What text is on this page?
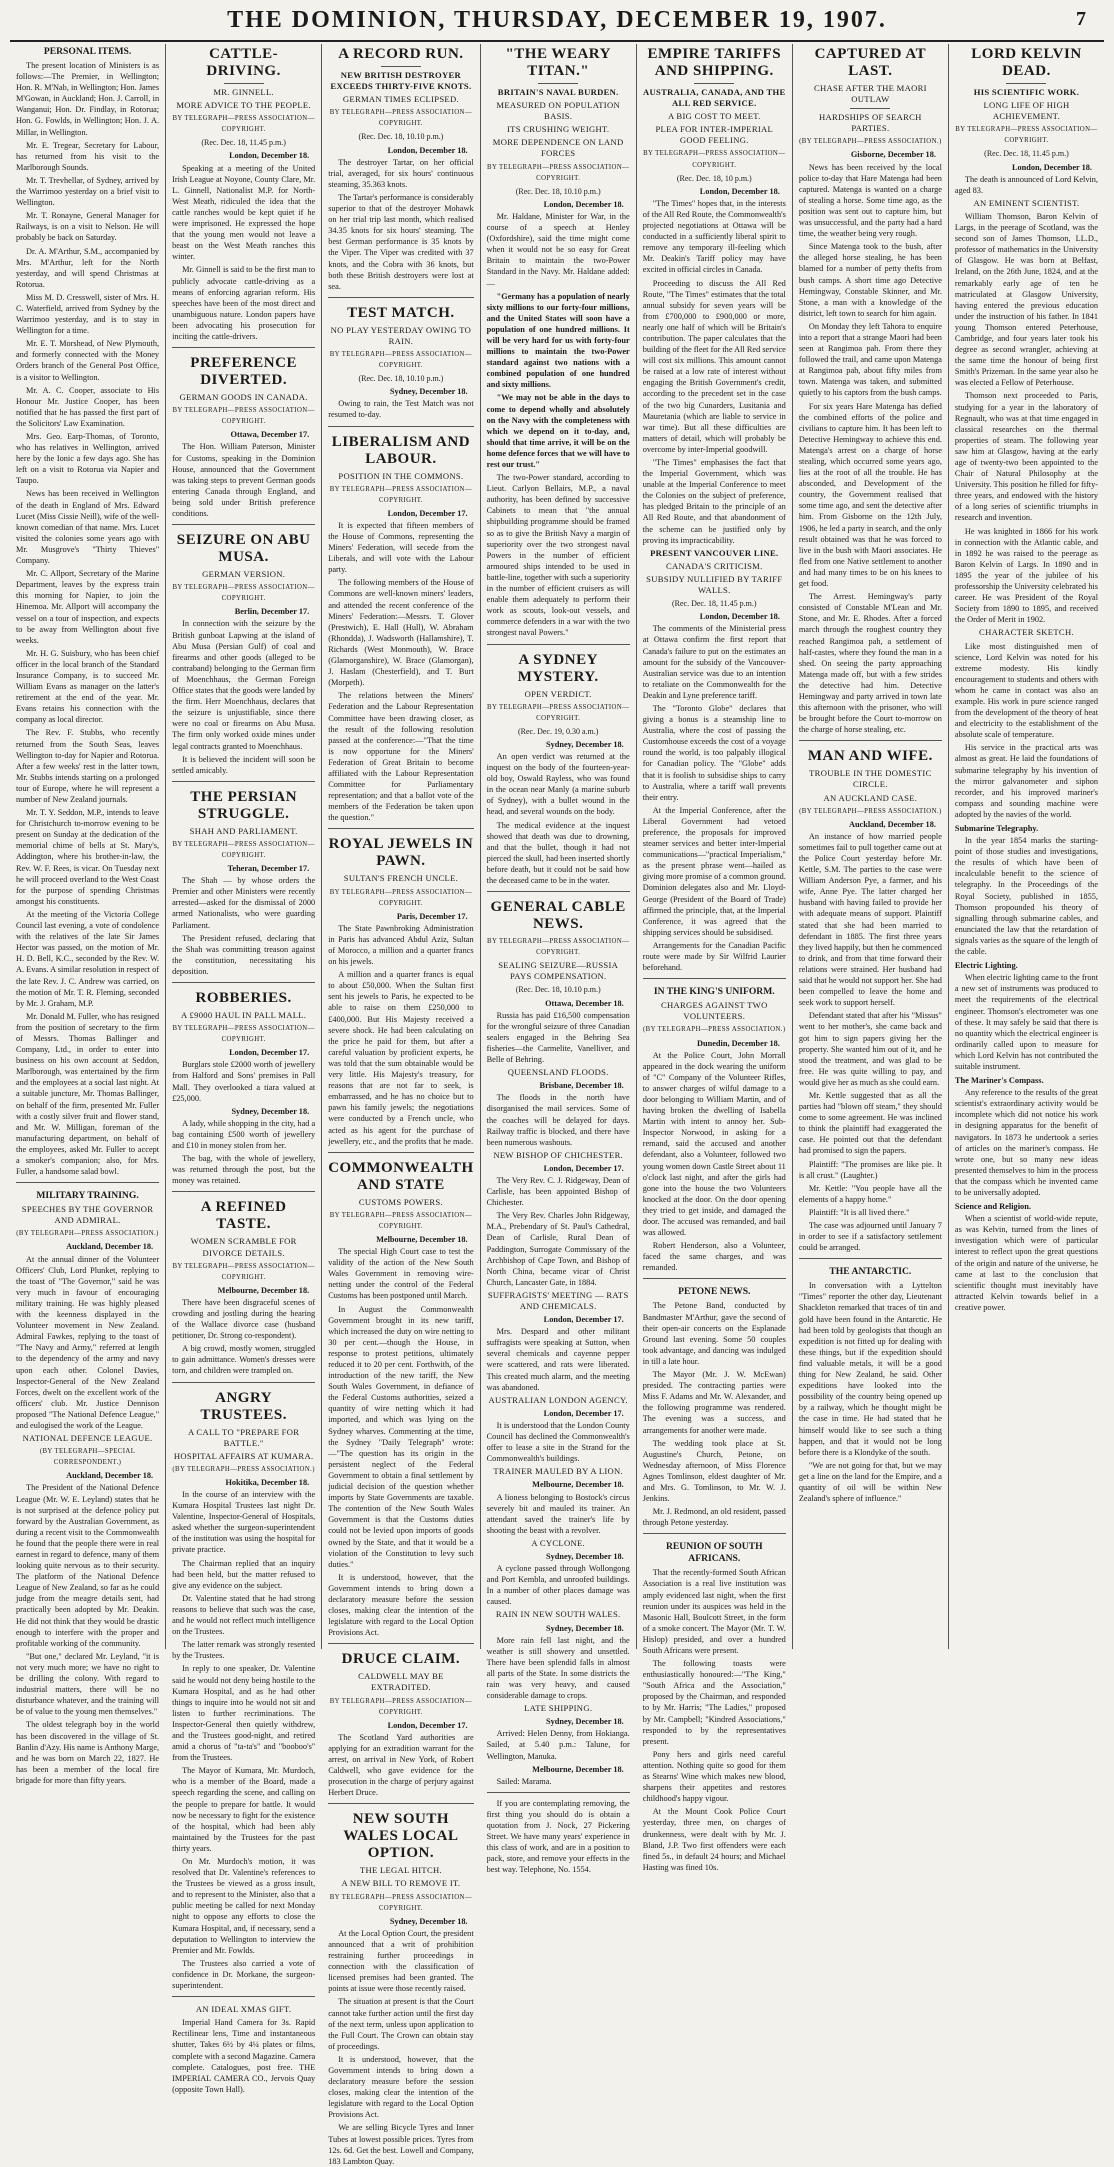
THE DOMINION, THURSDAY, DECEMBER 19, 1907.	7
PERSONAL ITEMS.

The present location of Ministers is as follows:—The Premier, in Wellington; Hon. R. M'Nab, in Wellington; Hon. James M'Gowan, in Auckland; Hon. J. Carroll, in Wanganui; Hon. Dr. Findlay, in Rotorua; Hon. G. Fowlds, in Wellington; Hon. J. A. Millar, in Wellington.

Mr. E. Tregear, Secretary for Labour, has returned from his visit to the Marlborough Sounds.

Mr. T. Trevhellar, of Sydney, arrived by the Warrimoo yesterday on a brief visit to Wellington.

Mr. T. Ronayne, General Manager for Railways, is on a visit to Nelson. He will probably be back on Saturday.

Dr. A. M'Arthur, S.M., accompanied by Mrs. M'Arthur, left for the North yesterday, and will spend Christmas at Rotorua.

Miss M. D. Cresswell, sister of Mrs. H. C. Waterfield, arrived from Sydney by the Warrimoo yesterday, and is to stay in Wellington for a time.

Mr. E. T. Morshead, of New Plymouth, and formerly connected with the Money Orders branch of the General Post Office, is a visitor to Wellington.

Mr. A. C. Cooper, associate to His Honour Mr. Justice Cooper, has been notified that he has passed the first part of the Solicitors' Law Examination.

Mrs. Geo. Earp-Thomas, of Toronto, who has relatives in Wellington, arrived here by the Ionic a few days ago. She has left on a visit to Rotorua via Napier and Taupo.

News has been received in Wellington of the death in England of Mrs. Edward Lucet (Miss Cissie Neill), wife of the well-known comedian of that name. Mrs. Lucet visited the colonies some years ago with Mr. Musgrove's "Thirty Thieves" Company.

Mr. C. Allport, Secretary of the Marine Department, leaves by the express train this morning for Napier, to join the Hinemoa. Mr. Allport will accompany the vessel on a tour of inspection, and expects to be away from Wellington about five weeks.

Mr. H. G. Suisbury, who has been chief officer in the local branch of the Standard Insurance Company, is to succeed Mr. William Evans as manager on the latter's retirement at the end of the year. Mr. Evans retains his connection with the company as local director.

The Rev. F. Stubbs, who recently returned from the South Seas, leaves Wellington to-day for Napier and Rotorua. After a few weeks' rest in the latter town, Mr. Stubbs intends starting on a prolonged tour of Europe, where he will represent a number of New Zealand journals.

Mr. T. Y. Seddon, M.P., intends to leave for Christchurch to-morrow evening to be present on Sunday at the dedication of the memorial chime of bells at St. Mary's, Addington, where his brother-in-law, the Rev. W. F. Rees, is vicar. On Tuesday next he will proceed overland to the West Coast for the purpose of spending Christmas amongst his constituents.

At the meeting of the Victoria College Council last evening, a vote of condolence with the relatives of the late Sir James Hector was passed, on the motion of Mr. H. D. Bell, K.C., seconded by the Rev. W. A. Evans. A similar resolution in respect of the late Rev. J. C. Andrew was carried, on the motion of Mr. T. R. Fleming, seconded by Mr. J. Graham, M.P.

Mr. Donald M. Fuller, who has resigned from the position of secretary to the firm of Messrs. Thomas Ballinger and Company, Ltd., in order to enter into business on his own account at Seddon, Marlborough, was entertained by the firm and the employees at a social last night. At a suitable juncture, Mr. Thomas Ballinger, on behalf of the firm, presented Mr. Fuller with a costly silver fruit and flower stand, and Mr. W. Milligan, foreman of the manufacturing department, on behalf of the employees, asked Mr. Fuller to accept a smoker's companion; also, for Mrs. Fuller, a handsome salad bowl.

MILITARY TRAINING.
SPEECHES BY THE GOVERNOR AND ADMIRAL.
(BY TELEGRAPH—PRESS ASSOCIATION.)
Auckland, December 18.

At the annual dinner of the Volunteer Officers' Club, Lord Plunket, replying to the toast of "The Governor," said he was very much in favour of encouraging military training. He was highly pleased with the keenness displayed in the Volunteer movement in New Zealand. Admiral Fawkes, replying to the toast of "The Navy and Army," referred at length to the dependency of the army and navy upon each other. Colonel Davies, Inspector-General of the New Zealand Forces, dwelt on the excellent work of the officers' club. Mr. Justice Dennison proposed "The National Defence League," and eulogised the work of the League.

NATIONAL DEFENCE LEAGUE.
(BY TELEGRAPH—SPECIAL CORRESPONDENT.)
Auckland, December 18.

The President of the National Defence League (Mr. W. E. Leyland) states that he is not surprised at the defence policy put forward by the Australian Government, as during a recent visit to the Commonwealth he found that the people there were in real earnest in regard to defence, many of them looking quite nervous as to their security. The platform of the National Defence League of New Zealand, so far as he could judge from the meagre details sent, had practically been adopted by Mr. Deakin. He did not think that they would be drastic enough to interfere with the proper and profitable working of the community.

"But one," declared Mr. Leyland, "it is not very much more; we have no right to be drilling the colony. With regard to industrial matters, there will be no disturbance whatever, and the training will be of value to the young men themselves."

The oldest telegraph boy in the world has been discovered in the village of St. Banlin d'Azy. His name is Anthony Marge, and he was born on March 22, 1827. He has been a member of the local fire brigade for more than fifty years.

CATTLE-DRIVING.
MR. GINNELL.
MORE ADVICE TO THE PEOPLE.
BY TELEGRAPH—PRESS ASSOCIATION—COPYRIGHT.
(Rec. Dec. 18, 11.45 p.m.)
London, December 18.

Speaking at a meeting of the United Irish League at Noyone, County Clare, Mr. L. Ginnell, Nationalist M.P. for North-West Meath, ridiculed the idea that the cattle ranches would be kept quiet if he were imprisoned. He expressed the hope that the young men would not leave a beast on the West Meath ranches this winter.

Mr. Ginnell is said to be the first man to publicly advocate cattle-driving as a means of enforcing agrarian reform. His speeches have been of the most direct and unambiguous nature. London papers have been advocating his prosecution for inciting the cattle-drivers.

PREFERENCE DIVERTED.
GERMAN GOODS IN CANADA.
BY TELEGRAPH—PRESS ASSOCIATION—COPYRIGHT.
Ottawa, December 17.

The Hon. William Paterson, Minister for Customs, speaking in the Dominion House, announced that the Government was taking steps to prevent German goods entering Canada through England, and being sold under British preference conditions.

SEIZURE ON ABU MUSA.
GERMAN VERSION.
BY TELEGRAPH—PRESS ASSOCIATION—COPYRIGHT.
Berlin, December 17.

In connection with the seizure by the British gunboat Lapwing at the island of Abu Musa (Persian Gulf) of coal and firearms and other goods (alleged to be contraband) belonging to the German firm of Moenchhaus, the German Foreign Office states that the goods were landed by the firm. Herr Moenchhaus, declares that the seizure is unjustifiable, since there were no coal or firearms on Abu Musa. The firm only worked oxide mines under legal contracts granted to Moenchhaus.

It is believed the incident will soon be settled amicably.

THE PERSIAN STRUGGLE.
SHAH AND PARLIAMENT.
BY TELEGRAPH—PRESS ASSOCIATION—COPYRIGHT.
Teheran, December 17.

The Shah — by whose orders the Premier and other Ministers were recently arrested—asked for the dismissal of 2000 armed Nationalists, who were guarding Parliament.

The President refused, declaring that the Shah was committing treason against the constitution, necessitating his deposition.

ROBBERIES.
A £9000 HAUL IN PALL MALL.
BY TELEGRAPH—PRESS ASSOCIATION—COPYRIGHT.
London, December 17.

Burglars stole £2000 worth of jewellery from Halford and Sons' premises in Pall Mall. They overlooked a tiara valued at £25,000.

Sydney, December 18.

A lady, while shopping in the city, had a bag containing £500 worth of jewellery and £10 in money stolen from her.

The bag, with the whole of jewellery, was returned through the post, but the money was retained.

A REFINED TASTE.
WOMEN SCRAMBLE FOR DIVORCE DETAILS.
BY TELEGRAPH—PRESS ASSOCIATION—COPYRIGHT.
Melbourne, December 18.

There have been disgraceful scenes of crowding and jostling during the hearing of the Wallace divorce case (husband petitioner, Dr. Strong co-respondent).

A big crowd, mostly women, struggled to gain admittance. Women's dresses were torn, and children were trampled on.

ANGRY TRUSTEES.
A CALL TO "PREPARE FOR BATTLE."
HOSPITAL AFFAIRS AT KUMARA.
(BY TELEGRAPH—PRESS ASSOCIATION.)
Hokitika, December 18.

In the course of an interview with the Kumara Hospital Trustees last night Dr. Valentine, Inspector-General of Hospitals, asked whether the surgeon-superintendent of the institution was using the hospital for private practice.

The Chairman replied that an inquiry had been held, but the matter refused to give any evidence on the subject.

Dr. Valentine stated that he had strong reasons to believe that such was the case, and he would not reflect much intelligence on the Trustees.

The latter remark was strongly resented by the Trustees.

In reply to one speaker, Dr. Valentine said he would not deny being hostile to the Kumara Hospital, and as he had other things to inquire into he would not sit and listen to further recriminations. The Inspector-General then quietly withdrew, and the Trustees good-night, and retired amid a chorus of "ta-ta's" and "booboo's" from the Trustees.

The Mayor of Kumara, Mr. Murdoch, who is a member of the Board, made a speech regarding the scene, and calling on the people to prepare for battle. It would now be necessary to fight for the existence of the hospital, which had been ably maintained by the Trustees for the past thirty years.

On Mr. Murdoch's motion, it was resolved that Dr. Valentine's references to the Trustees be viewed as a gross insult, and to represent to the Minister, also that a public meeting be called for next Monday night to oppose any efforts to close the Kumara Hospital, and, if necessary, send a deputation to Wellington to interview the Premier and Mr. Fowlds.

The Trustees also carried a vote of confidence in Dr. Morkane, the surgeon-superintendent.

AN IDEAL XMAS GIFT.

Imperial Hand Camera for 3s. Rapid Rectilinear lens, Time and instantaneous shutter, Takes 6½ by 4¼ plates or films, complete with a second Magazine. Camera complete. Catalogues, post free. THE IMPERIAL CAMERA CO., Jervois Quay (opposite Town Hall).

A RECORD RUN.
NEW BRITISH DESTROYER EXCEEDS THIRTY-FIVE KNOTS.
GERMAN TIMES ECLIPSED.
BY TELEGRAPH—PRESS ASSOCIATION—COPYRIGHT.
(Rec. Dec. 18, 10.10 p.m.)
London, December 18.

The destroyer Tartar, on her official trial, averaged, for six hours' continuous steaming, 35.363 knots.

The Tartar's performance is considerably superior to that of the destroyer Mohawk on her trial trip last month, which realised 34.35 knots for six hours' steaming. The best German performance is 35 knots by the Viper. The Viper was credited with 37 knots, and the Cobra with 36 knots, but both these British destroyers were lost at sea.

TEST MATCH.
NO PLAY YESTERDAY OWING TO RAIN.
BY TELEGRAPH—PRESS ASSOCIATION—COPYRIGHT.
(Rec. Dec. 18, 10.10 p.m.)
Sydney, December 18.

Owing to rain, the Test Match was not resumed to-day.

LIBERALISM AND LABOUR.
POSITION IN THE COMMONS.
BY TELEGRAPH—PRESS ASSOCIATION—COPYRIGHT.
London, December 17.

It is expected that fifteen members of the House of Commons, representing the Miners' Federation, will secede from the Liberals, and will vote with the Labour party.

The following members of the House of Commons are well-known miners' leaders, and attended the recent conference of the Miners' Federation:—Messrs. T. Glover (Prestwich), E. Hall (Hull), W. Abraham (Rhondda), J. Wadsworth (Hallamshire), T. Richards (West Monmouth), W. Brace (Glamorganshire), W. Brace (Glamorgan), J. Haslam (Chesterfield), and T. Burt (Morpeth).

The relations between the Miners' Federation and the Labour Representation Committee have been drawing closer, as the result of the following resolution passed at the conference:—"That the time is now opportune for the Miners' Federation of Great Britain to become affiliated with the Labour Representation Committee for Parliamentary representation; and that a ballot vote of the members of the Federation be taken upon the question."

ROYAL JEWELS IN PAWN.
SULTAN'S FRENCH UNCLE.
BY TELEGRAPH—PRESS ASSOCIATION—COPYRIGHT.
Paris, December 17.

The State Pawnbroking Administration in Paris has advanced Abdul Aziz, Sultan of Morocco, a million and a quarter francs on his jewels.

A million and a quarter francs is equal to about £50,000. When the Sultan first sent his jewels to Paris, he expected to be able to raise on them £250,000 to £400,000. But His Majesty received a severe shock. He had been calculating on the price he paid for them, but after a careful valuation by proficient experts, he was told that the sum obtainable would be very little. His Majesty's treasury, for reasons that are not far to seek, is embarrassed, and he has no choice but to pawn his family jewels; the negotiations were conducted by a French uncle, who acted as his agent for the purchase of jewellery, etc., and the profits that he made.

COMMONWEALTH AND STATE
CUSTOMS POWERS.
BY TELEGRAPH—PRESS ASSOCIATION—COPYRIGHT.
Melbourne, December 18.

The special High Court case to test the validity of the action of the New South Wales Government in removing wire-netting under the control of the Federal Customs has been postponed until March.

In August the Commonwealth Government brought in its new tariff, which increased the duty on wire netting to 30 per cent.—though the House, in response to protest petitions, ultimately reduced it to 20 per cent. Forthwith, of the introduction of the new tariff, the New South Wales Government, in defiance of the Federal Customs authorities, seized a quantity of wire netting which it had imported, and which was lying on the Sydney wharves. Commenting at the time, the Sydney "Daily Telegraph" wrote:—"The question has its origin in the persistent neglect of the Federal Government to obtain a final settlement by judicial decision of the question whether imports by State Governments are taxable. The contention of the New South Wales Government is that the Customs duties could not be levied upon imports of goods owned by the State, and that it would be a violation of the Constitution to levy such duties."

It is understood, however, that the Government intends to bring down a declaratory measure before the session closes, making clear the intention of the legislature with regard to the Local Option Provisions Act.

DRUCE CLAIM.
CALDWELL MAY BE EXTRADITED.
BY TELEGRAPH—PRESS ASSOCIATION—COPYRIGHT.
London, December 17.

The Scotland Yard authorities are applying for an extradition warrant for the arrest, on arrival in New York, of Robert Caldwell, who gave evidence for the prosecution in the charge of perjury against Herbert Druce.

NEW SOUTH WALES LOCAL OPTION.
THE LEGAL HITCH.
A NEW BILL TO REMOVE IT.
BY TELEGRAPH—PRESS ASSOCIATION—COPYRIGHT.
Sydney, December 18.

At the Local Option Court, the president announced that a writ of prohibition restraining further proceedings in connection with the classification of licensed premises had been granted. The points at issue were those recently raised.

The situation at present is that the Court cannot take further action until the first day of the next term, unless upon application to the Full Court. The Crown can obtain stay of proceedings.

It is understood, however, that the Government intends to bring down a declaratory measure before the session closes, making clear the intention of the legislature with regard to the Local Option Provisions Act.

We are selling Bicycle Tyres and Inner Tubes at lowest possible prices. Tyres from 12s. 6d. Get the best. Lowell and Company, 183 Lambton Quay.

"THE WEARY TITAN."
BRITAIN'S NAVAL BURDEN.
MEASURED ON POPULATION BASIS.
ITS CRUSHING WEIGHT.
MORE DEPENDENCE ON LAND FORCES
BY TELEGRAPH—PRESS ASSOCIATION—COPYRIGHT.
(Rec. Dec. 18, 10.10 p.m.)
London, December 18.

Mr. Haldane, Minister for War, in the course of a speech at Henley (Oxfordshire), said the time might come when it would not be so easy for Great Britain to maintain the two-Power Standard in the Navy. Mr. Haldane added:—

"Germany has a population of nearly sixty millions to our forty-four millions, and the United States will soon have a population of one hundred millions. It will be very hard for us with forty-four millions to maintain the two-Power standard against two nations with a combined population of one hundred and sixty millions.

"We may not be able in the days to come to depend wholly and absolutely on the Navy with the completeness with which we depend on it to-day, and, should that time arrive, it will be on the home defence forces that we will have to rest our trust."

The two-Power standard, according to Lieut. Carlyon Bellairs, M.P., a naval authority, has been defined by successive Cabinets to mean that "the annual shipbuilding programme should be framed so as to give the British Navy a margin of superiority over the two strongest naval Powers in the number of efficient armoured ships intended to be used in battle-line, together with such a superiority in the number of efficient cruisers as will enable them adequately to perform their work as scouts, look-out vessels, and commerce defenders in a war with the two strongest naval Powers."

A SYDNEY MYSTERY.
OPEN VERDICT.
BY TELEGRAPH—PRESS ASSOCIATION—COPYRIGHT.
(Rec. Dec. 19, 0.30 a.m.)
Sydney, December 18.

An open verdict was returned at the inquest on the body of the fourteen-year-old boy, Oswald Rayless, who was found in the ocean near Manly (a marine suburb of Sydney), with a bullet wound in the head, and several wounds on the body.

The medical evidence at the inquest showed that death was due to drowning, and that the bullet, though it had not pierced the skull, had been inserted shortly before death, but it could not be said how the deceased came to be in the water.

GENERAL CABLE NEWS.
BY TELEGRAPH—PRESS ASSOCIATION—COPYRIGHT.
SEALING SEIZURE—RUSSIA PAYS COMPENSATION.
(Rec. Dec. 18, 10.10 p.m.)
Ottawa, December 18.

Russia has paid £16,500 compensation for the wrongful seizure of three Canadian sealers engaged in the Behring Sea fisheries—the Carmelite, Vanelliver, and Belle of Behring.

QUEENSLAND FLOODS.
Brisbane, December 18.

The floods in the north have disorganised the mail services. Some of the coaches will be delayed for days. Railway traffic is blocked, and there have been numerous washouts.

NEW BISHOP OF CHICHESTER.
London, December 17.

The Very Rev. C. J. Ridgeway, Dean of Carlisle, has been appointed Bishop of Chichester.

The Very Rev. Charles John Ridgeway, M.A., Prebendary of St. Paul's Cathedral, Dean of Carlisle, Rural Dean of Paddington, Surrogate Commissary of the Archbishop of Cape Town, and Bishop of North China, became vicar of Christ Church, Lancaster Gate, in 1884.

SUFFRAGISTS' MEETING — RATS AND CHEMICALS.
London, December 17.

Mrs. Despard and other militant suffragists were speaking at Sutton, when several chemicals and cayenne pepper were scattered, and rats were liberated. This created much alarm, and the meeting was abandoned.

AUSTRALIAN LONDON AGENCY.
London, December 17.

It is understood that the London County Council has declined the Commonwealth's offer to lease a site in the Strand for the Commonwealth's buildings.

TRAINER MAULED BY A LION.
Melbourne, December 18.

A lioness belonging to Bostock's circus severely bit and mauled its trainer. An attendant saved the trainer's life by shooting the beast with a revolver.

A CYCLONE.
Sydney, December 18.

A cyclone passed through Wollongong and Port Kembla, and unroofed buildings. In a number of other places damage was caused.

RAIN IN NEW SOUTH WALES.
Sydney, December 18.

More rain fell last night, and the weather is still showery and unsettled. There have been splendid falls in almost all parts of the State. In some districts the rain was very heavy, and caused considerable damage to crops.

LATE SHIPPING.
Sydney, December 18.

Arrived: Helen Denny, from Hokianga. Sailed, at 5.40 p.m.: Talune, for Wellington, Manuka.

Melbourne, December 18.

Sailed: Marama.

If you are contemplating removing, the first thing you should do is obtain a quotation from J. Nock, 27 Pickering Street. We have many years' experience in this class of work, and are in a position to pack, store, and remove your effects in the best way. Telephone, No. 1554.

EMPIRE TARIFFS AND SHIPPING.
AUSTRALIA, CANADA, AND THE ALL RED SERVICE.
A BIG COST TO MEET.
PLEA FOR INTER-IMPERIAL GOOD FEELING.
BY TELEGRAPH—PRESS ASSOCIATION—COPYRIGHT.
(Rec. Dec. 18, 10 p.m.)
London, December 18.

"The Times" hopes that, in the interests of the All Red Route, the Commonwealth's projected negotiations at Ottawa will be conducted in a sufficiently liberal spirit to remove any temporary ill-feeling which Mr. Deakin's Tariff policy may have excited in official circles in Canada.

Proceeding to discuss the All Red Route, "The Times" estimates that the total annual subsidy for seven years will be from £700,000 to £900,000 or more, nearly one half of which will be Britain's contribution. The paper calculates that the building of the fleet for the All Red service will cost six millions. This amount cannot be raised at a low rate of interest without engaging the British Government's credit, according to the precedent set in the case of the two big Cunarders, Lusitania and Mauretania (which are liable to service in war time). But all these difficulties are matters of detail, which will probably be overcome by inter-Imperial goodwill.

"The Times" emphasises the fact that the Imperial Government, which was unable at the Imperial Conference to meet the Colonies on the subject of preference, has pledged Britain to the principle of an All Red Route, and that abandonment of the scheme can be justified only by proving its impracticability.

PRESENT VANCOUVER LINE.
CANADA'S CRITICISM.
SUBSIDY NULLIFIED BY TARIFF WALLS.
(Rec. Dec. 18, 11.45 p.m.)
London, December 18.

The comments of the Ministerial press at Ottawa confirm the first report that Canada's failure to put on the estimates an amount for the subsidy of the Vancouver-Australian service was due to an intention to retaliate on the Commonwealth for the Deakin and Lyne preference tariff.

The "Toronto Globe" declares that giving a bonus is a steamship line to Australia, where the cost of passing the Customhouse exceeds the cost of a voyage round the world, is too palpably illogical for Canadian policy. The "Globe" adds that it is foolish to subsidise ships to carry to Australia, where a tariff wall prevents their entry.

At the Imperial Conference, after the Liberal Government had vetoed preference, the proposals for improved steamer services and better inter-Imperial communications—"practical Imperialism," as the present phrase went—hailed as giving more promise of a common ground. Dominion delegates also and Mr. Lloyd-George (President of the Board of Trade) affirmed the principle, that, at the Imperial Conference, it was agreed that the shipping services should be subsidised.

Arrangements for the Canadian Pacific route were made by Sir Wilfrid Laurier beforehand.

IN THE KING'S UNIFORM.
CHARGES AGAINST TWO VOLUNTEERS.
(BY TELEGRAPH—PRESS ASSOCIATION.)
Dunedin, December 18.

At the Police Court, John Morrall appeared in the dock wearing the uniform of "C" Company of the Volunteer Rifles, to answer charges of wilful damage to a door belonging to William Martin, and of having broken the dwelling of Isabella Martin with intent to annoy her. Sub-Inspector Norwood, in asking for a remand, said the accused and another defendant, also a Volunteer, followed two young women down Castle Street about 11 o'clock last night, and after the girls had gone into the house the two Volunteers knocked at the door. On the door opening they tried to get inside, and damaged the door. The accused was remanded, and bail was allowed.

Robert Henderson, also a Volunteer, faced the same charges, and was remanded.

PETONE NEWS.

The Petone Band, conducted by Bandmaster M'Arthur, gave the second of their open-air concerts on the Esplanade Ground last evening. Some 50 couples took advantage, and dancing was indulged in till a late hour.

The Mayor (Mr. J. W. McEwan) presided. The contracting parties were Miss F. Adams and Mr. W. Alexander, and the following programme was rendered. The evening was a success, and arrangements for another were made.

The wedding took place at St. Augustine's Church, Petone, on Wednesday afternoon, of Miss Florence Agnes Tomlinson, eldest daughter of Mr. and Mrs. G. Tomlinson, to Mr. W. J. Jenkins.

Mr. J. Redmond, an old resident, passed through Petone yesterday.

REUNION OF SOUTH AFRICANS.

That the recently-formed South African Association is a real live institution was amply evidenced last night, when the first reunion under its auspices was held in the Masonic Hall, Boulcott Street, in the form of a smoke concert. The Mayor (Mr. T. W. Hislop) presided, and over a hundred South Africans were present.

The following toasts were enthusiastically honoured:—"The King," "South Africa and the Association," proposed by the Chairman, and responded to by Mr. Harris; "The Ladies," proposed by Mr. Campbell; "Kindred Associations," responded to by the representatives present.

Pony hers and girls need careful attention. Nothing quite so good for them as Stearns' Wine which makes new blood, sharpens their appetites and restores childhood's happy vigour.

At the Mount Cook Police Court yesterday, three men, on charges of drunkenness, were dealt with by Mr. J. Bland, J.P. Two first offenders were each fined 5s., in default 24 hours; and Michael Hasting was fined 10s.

CAPTURED AT LAST.
CHASE AFTER THE MAORI OUTLAW
HARDSHIPS OF SEARCH PARTIES.
(BY TELEGRAPH—PRESS ASSOCIATION.)
Gisborne, December 18.

News has been received by the local police to-day that Hare Matenga had been captured. Matenga is wanted on a charge of stealing a horse. Some time ago, as the position was sent out to capture him, but was unsuccessful, and the party had a hard time, the weather being very rough.

Since Matenga took to the bush, after the alleged horse stealing, he has been blamed for a number of petty thefts from bush camps. A short time ago Detective Hemingway, Constable Skinner, and Mr. Stone, a man with a knowledge of the district, left town to search for him again.

On Monday they left Tahora to enquire into a report that a strange Maori had been seen at Rangimoa pah. From there they followed the trail, and came upon Matenga at Rangimoa pah, about fifty miles from town. Matenga was taken, and submitted quietly to his captors from the bush camps.

For six years Hare Matenga has defied the combined efforts of the police and civilians to capture him. It has been left to Detective Hemingway to achieve this end. Matenga's arrest on a charge of horse stealing, which occurred some years ago, lies at the root of all the trouble. He has absconded, and Development of the country, the Government realised that some time ago, and sent the detective after him. From Gisborne on the 12th July, 1906, he led a party in search, and the only result obtained was that he was forced to live in the bush with Maori associates. He fled from one Native settlement to another and had many times to be on his knees to get food.

The Arrest. Hemingway's party consisted of Constable M'Lean and Mr. Stone, and Mr. E. Rhodes. After a forced march through the roughest country they reached Rangimoa pah, a settlement of half-castes, where they found the man in a shed. On seeing the party approaching Matenga made off, but with a few strides the detective had him. Detective Hemingway and party arrived in town late this afternoon with the prisoner, who will be brought before the Court to-morrow on the charge of horse stealing, etc.

MAN AND WIFE.
TROUBLE IN THE DOMESTIC CIRCLE.
AN AUCKLAND CASE.
(BY TELEGRAPH—PRESS ASSOCIATION.)
Auckland, December 18.

An instance of how married people sometimes fail to pull together came out at the Police Court yesterday before Mr. Kettle, S.M. The parties to the case were William Anderson Pye, a farmer, and his wife, Anne Pye. The latter charged her husband with having failed to provide her with adequate means of support. Plaintiff stated that she had been married to defendant in 1885. The first three years they lived happily, but then he commenced to drink, and from that time forward their relations were strained. Her husband had said that he would not support her. She had been compelled to leave the home and seek work to support herself.

Defendant stated that after his "Missus" went to her mother's, she came back and got him to sign papers giving her the property. She wanted him out of it, and he stood the treatment, and was glad to be free. He was quite willing to pay, and would give her as much as she could earn.

Mr. Kettle suggested that as all the parties had "blown off steam," they should come to some agreement. He was inclined to think the plaintiff had exaggerated the case. He pointed out that the defendant had promised to sign the papers.

Plaintiff: "The promises are like pie. It is all crust." (Laughter.)

Mr. Kettle: "You people have all the elements of a happy home."

Plaintiff: "It is all lived there."

The case was adjourned until January 7 in order to see if a satisfactory settlement could be arranged.

THE ANTARCTIC.

In conversation with a Lyttelton "Times" reporter the other day, Lieutenant Shackleton remarked that traces of tin and gold have been found in the Antarctic. He had been told by geologists that though an expedition is not fitted up for dealing with these things, but if the expedition should find valuable metals, it will be a good thing for New Zealand, he said. Other expeditions have looked into the possibility of the country being opened up by a railway, which he thought might be the case in time. He had stated that he himself would like to see such a thing happen, and that it would not be long before there is a Klondyke of the south.

"We are not going for that, but we may get a line on the land for the Empire, and a quantity of oil will be within New Zealand's sphere of influence."

LORD KELVIN DEAD.
HIS SCIENTIFIC WORK.
LONG LIFE OF HIGH ACHIEVEMENT.
BY TELEGRAPH—PRESS ASSOCIATION—COPYRIGHT.
(Rec. Dec. 18, 11.45 p.m.)
London, December 18.

The death is announced of Lord Kelvin, aged 83.

AN EMINENT SCIENTIST.

William Thomson, Baron Kelvin of Largs, in the peerage of Scotland, was the second son of James Thomson, LL.D., professor of mathematics in the University of Glasgow. He was born at Belfast, Ireland, on the 26th June, 1824, and at the remarkably early age of ten he matriculated at Glasgow University, having entered the previous education under the instruction of his father. In 1841 young Thomson entered Peterhouse, Cambridge, and four years later took his degree as second wrangler, achieving at the same time the honour of being first Smith's Prizeman. In the same year also he was elected a Fellow of Peterhouse.

Thomson next proceeded to Paris, studying for a year in the laboratory of Regnault, who was at that time engaged in classical researches on the thermal properties of steam. The following year saw him at Glasgow, having at the early age of twenty-two been appointed to the Chair of Natural Philosophy at the University. This position he filled for fifty-three years, and endowed with the history of a long series of scientific triumphs in research and invention.

He was knighted in 1866 for his work in connection with the Atlantic cable, and in 1892 he was raised to the peerage as Baron Kelvin of Largs. In 1890 and in 1895 the year of the jubilee of his professorship the University celebrated his career. He was President of the Royal Society from 1890 to 1895, and received the Order of Merit in 1902.

CHARACTER SKETCH.

Like most distinguished men of science, Lord Kelvin was noted for his extreme modesty. His kindly encouragement to students and others with whom he came in contact was also an example. His work in pure science ranged from the development of the theory of heat and electricity to the establishment of the absolute scale of temperature.

His service in the practical arts was almost as great. He laid the foundations of submarine telegraphy by his invention of the mirror galvanometer and siphon recorder, and his improved mariner's compass and sounding machine were adopted by the navies of the world.

Submarine Telegraphy.

In the year 1854 marks the starting-point of those studies and investigations, the results of which have been of incalculable benefit to the science of telegraphy. In the Proceedings of the Royal Society, published in 1855, Thomson propounded his theory of signalling through submarine cables, and enunciated the law that the retardation of signals varies as the square of the length of the cable.

Electric Lighting.

When electric lighting came to the front a new set of instruments was produced to meet the requirements of the electrical engineer. Thomson's electrometer was one of these. It may safely be said that there is no quantity which the electrical engineer is ordinarily called upon to measure for which Lord Kelvin has not contributed the suitable instrument.

The Mariner's Compass.

Any reference to the results of the great scientist's extraordinary activity would be incomplete which did not notice his work in designing apparatus for the benefit of navigators. In 1873 he undertook a series of articles on the mariner's compass. He wrote one, but so many new ideas presented themselves to him in the process that the compass which he invented came to be universally adopted.

Science and Religion.

When a scientist of world-wide repute, as was Kelvin, turned from the lines of investigation which were of particular interest to reflect upon the great questions of the origin and nature of the universe, he came at last to the conclusion that scientific thought must inevitably have attracted Kelvin towards belief in a creative power.
